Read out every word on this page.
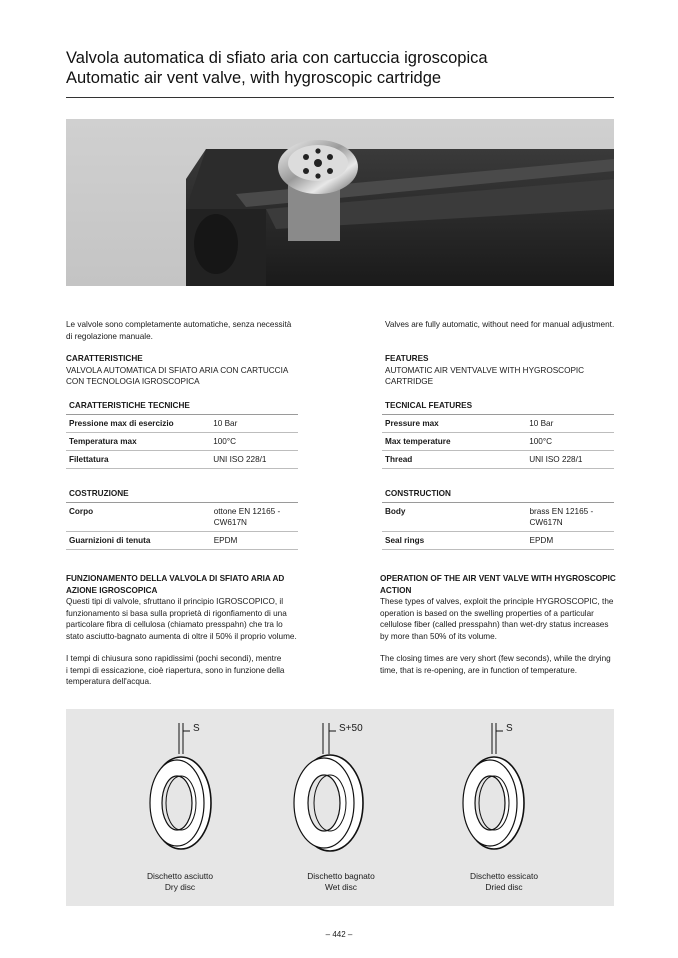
Valvola automatica di sfiato aria con cartuccia igroscopica
Automatic air vent valve, with hygroscopic cartridge
Le valvole sono completamente automatiche, senza necessità
di regolazione manuale.
Valves are fully automatic, without need for manual adjustment.
CARATTERISTICHE
VALVOLA AUTOMATICA DI SFIATO ARIA CON CARTUCCIA
CON TECNOLOGIA IGROSCOPICA
FEATURES
AUTOMATIC AIR VENTVALVE WITH HYGROSCOPIC CARTRIDGE
CARATTERISTICHE TECNICHE	
Pressione max di esercizio	10 Bar
Temperatura max	100°C
Filettatura	UNI ISO 228/1
TECNICAL FEATURES	
Pressure max	10 Bar
Max temperature	100°C
Thread	UNI ISO 228/1
COSTRUZIONE	
Corpo	ottone EN 12165 -
CW617N

Guarnizioni di tenuta	EPDM
CONSTRUCTION	
Body	brass EN 12165 -
CW617N

Seal rings	EPDM
FUNZIONAMENTO DELLA VALVOLA DI SFIATO ARIA AD
AZIONE IGROSCOPICA
Questi tipi di valvole, sfruttano il principio IGROSCOPICO, il
funzionamento si basa sulla proprietà di rigonfiamento di una
particolare fibra di cellulosa (chiamato presspahn) che tra lo
stato asciutto-bagnato aumenta di oltre il 50% il proprio volume.
I tempi di chiusura sono rapidissimi (pochi secondi), mentre
i tempi di essicazione, cioè riapertura, sono in funzione della
temperatura dell'acqua.
OPERATION OF THE AIR VENT VALVE WITH HYGROSCOPIC
ACTION
These types of valves, exploit the principle HYGROSCOPIC, the
operation is based on the swelling properties of a particular
cellulose fiber (called presspahn) than wet-dry status increases
by more than 50% of its volume.
The closing times are very short (few seconds), while the drying
time, that is re-opening, are in function of temperature.
S	S+50	S
Dischetto asciutto
Dry disc
Dischetto bagnato
Wet disc
Dischetto essicato
Dried disc
– 442 –
